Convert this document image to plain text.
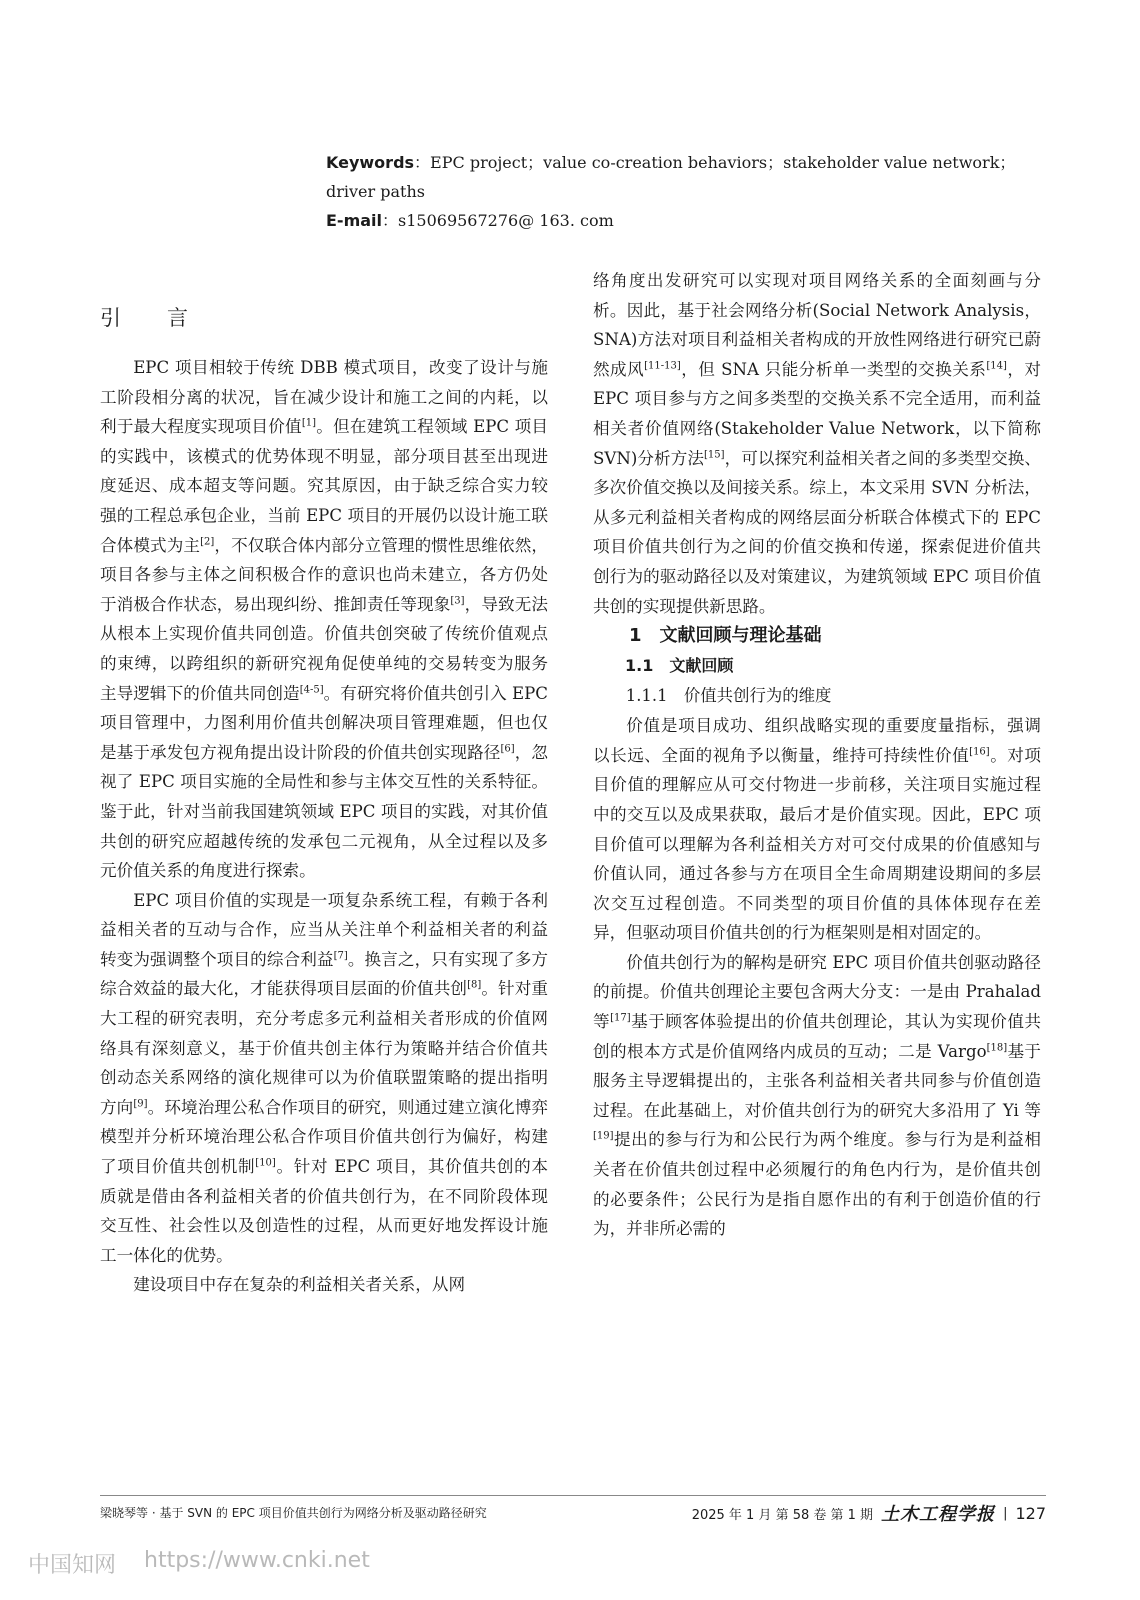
Keywords：EPC project；value co-creation behaviors；stakeholder value network；driver paths
E-mail：s15069567276@ 163. com
引言

EPC 项目相较于传统 DBB 模式项目，改变了设计与施工阶段相分离的状况，旨在减少设计和施工之间的内耗，以利于最大程度实现项目价值[1]。但在建筑工程领域 EPC 项目的实践中，该模式的优势体现不明显，部分项目甚至出现进度延迟、成本超支等问题。究其原因，由于缺乏综合实力较强的工程总承包企业，当前 EPC 项目的开展仍以设计施工联合体模式为主[2]，不仅联合体内部分立管理的惯性思维依然，项目各参与主体之间积极合作的意识也尚未建立，各方仍处于消极合作状态，易出现纠纷、推卸责任等现象[3]，导致无法从根本上实现价值共同创造。价值共创突破了传统价值观点的束缚，以跨组织的新研究视角促使单纯的交易转变为服务主导逻辑下的价值共同创造[4-5]。有研究将价值共创引入 EPC 项目管理中，力图利用价值共创解决项目管理难题，但也仅是基于承发包方视角提出设计阶段的价值共创实现路径[6]，忽视了 EPC 项目实施的全局性和参与主体交互性的关系特征。鉴于此，针对当前我国建筑领域 EPC 项目的实践，对其价值共创的研究应超越传统的发承包二元视角，从全过程以及多元价值关系的角度进行探索。

EPC 项目价值的实现是一项复杂系统工程，有赖于各利益相关者的互动与合作，应当从关注单个利益相关者的利益转变为强调整个项目的综合利益[7]。换言之，只有实现了多方综合效益的最大化，才能获得项目层面的价值共创[8]。针对重大工程的研究表明，充分考虑多元利益相关者形成的价值网络具有深刻意义，基于价值共创主体行为策略并结合价值共创动态关系网络的演化规律可以为价值联盟策略的提出指明方向[9]。环境治理公私合作项目的研究，则通过建立演化博弈模型并分析环境治理公私合作项目价值共创行为偏好，构建了项目价值共创机制[10]。针对 EPC 项目，其价值共创的本质就是借由各利益相关者的价值共创行为，在不同阶段体现交互性、社会性以及创造性的过程，从而更好地发挥设计施工一体化的优势。

建设项目中存在复杂的利益相关者关系，从网

络角度出发研究可以实现对项目网络关系的全面刻画与分析。因此，基于社会网络分析(Social Network Analysis，SNA)方法对项目利益相关者构成的开放性网络进行研究已蔚然成风[11-13]，但 SNA 只能分析单一类型的交换关系[14]，对 EPC 项目参与方之间多类型的交换关系不完全适用，而利益相关者价值网络(Stakeholder Value Network，以下简称 SVN)分析方法[15]，可以探究利益相关者之间的多类型交换、多次价值交换以及间接关系。综上，本文采用 SVN 分析法，从多元利益相关者构成的网络层面分析联合体模式下的 EPC 项目价值共创行为之间的价值交换和传递，探索促进价值共创行为的驱动路径以及对策建议，为建筑领域 EPC 项目价值共创的实现提供新思路。

1　文献回顾与理论基础

1.1　文献回顾

1.1.1　价值共创行为的维度

价值是项目成功、组织战略实现的重要度量指标，强调以长远、全面的视角予以衡量，维持可持续性价值[16]。对项目价值的理解应从可交付物进一步前移，关注项目实施过程中的交互以及成果获取，最后才是价值实现。因此，EPC 项目价值可以理解为各利益相关方对可交付成果的价值感知与价值认同，通过各参与方在项目全生命周期建设期间的多层次交互过程创造。不同类型的项目价值的具体体现存在差异，但驱动项目价值共创的行为框架则是相对固定的。

价值共创行为的解构是研究 EPC 项目价值共创驱动路径的前提。价值共创理论主要包含两大分支：一是由 Prahalad 等[17]基于顾客体验提出的价值共创理论，其认为实现价值共创的根本方式是价值网络内成员的互动；二是 Vargo[18]基于服务主导逻辑提出的，主张各利益相关者共同参与价值创造过程。在此基础上，对价值共创行为的研究大多沿用了 Yi 等[19]提出的参与行为和公民行为两个维度。参与行为是利益相关者在价值共创过程中必须履行的角色内行为，是价值共创的必要条件；公民行为是指自愿作出的有利于创造价值的行为，并非所必需的

梁晓琴等 · 基于 SVN 的 EPC 项目价值共创行为网络分析及驱动路径研究	2025 年 1 月 第 58 卷 第 1 期 土木工程学报 | 127
中国知网 https://www.cnki.net
